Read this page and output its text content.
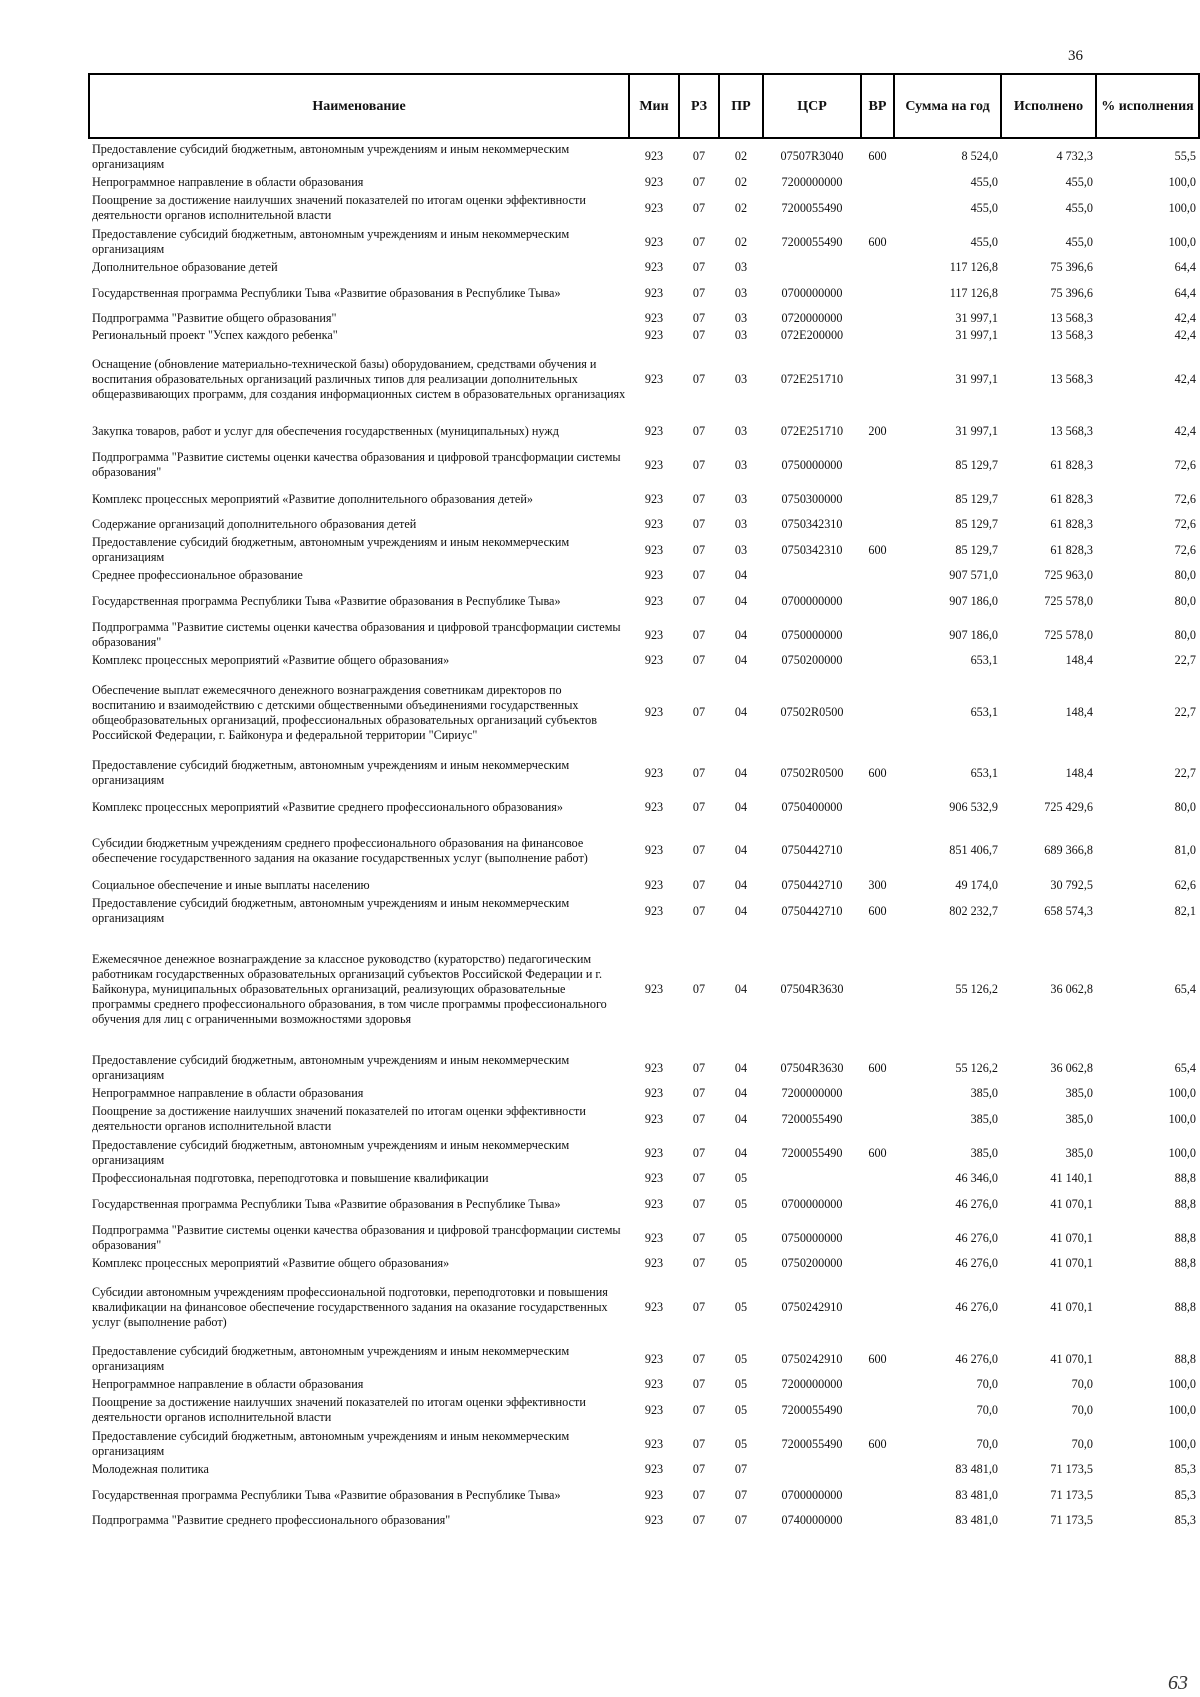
36
Наименование	Мин	РЗ	ПР	ЦСР	ВР	Сумма на год	Исполнено	% исполнения
Предоставление субсидий бюджетным, автономным учреждениям и иным некоммерческим организациям	923	07	02	07507R3040	600	8 524,0	4 732,3	55,5
Непрограммное направление в области образования	923	07	02	7200000000		455,0	455,0	100,0
Поощрение за достижение наилучших значений показателей по итогам оценки эффективности деятельности органов исполнительной власти	923	07	02	7200055490		455,0	455,0	100,0
Предоставление субсидий бюджетным, автономным учреждениям и иным некоммерческим организациям	923	07	02	7200055490	600	455,0	455,0	100,0
Дополнительное образование детей	923	07	03			117 126,8	75 396,6	64,4
Государственная программа Республики Тыва «Развитие образования в Республике Тыва»	923	07	03	0700000000		117 126,8	75 396,6	64,4
Подпрограмма "Развитие общего образования"	923	07	03	0720000000		31 997,1	13 568,3	42,4
Региональный проект "Успех каждого ребенка"	923	07	03	072E200000		31 997,1	13 568,3	42,4
Оснащение (обновление материально-технической базы) оборудованием, средствами обучения и воспитания образовательных организаций различных типов для реализации дополнительных общеразвивающих программ, для создания информационных систем в образовательных организациях	923	07	03	072E251710		31 997,1	13 568,3	42,4
Закупка товаров, работ и услуг для обеспечения государственных (муниципальных) нужд	923	07	03	072E251710	200	31 997,1	13 568,3	42,4
Подпрограмма "Развитие системы оценки качества образования и цифровой трансформации системы образования"	923	07	03	0750000000		85 129,7	61 828,3	72,6
Комплекс процессных мероприятий «Развитие дополнительного образования детей»	923	07	03	0750300000		85 129,7	61 828,3	72,6
Содержание организаций дополнительного образования детей	923	07	03	0750342310		85 129,7	61 828,3	72,6
Предоставление субсидий бюджетным, автономным учреждениям и иным некоммерческим организациям	923	07	03	0750342310	600	85 129,7	61 828,3	72,6
Среднее профессиональное образование	923	07	04			907 571,0	725 963,0	80,0
Государственная программа Республики Тыва «Развитие образования в Республике Тыва»	923	07	04	0700000000		907 186,0	725 578,0	80,0
Подпрограмма "Развитие системы оценки качества образования и цифровой трансформации системы образования"	923	07	04	0750000000		907 186,0	725 578,0	80,0
Комплекс процессных мероприятий «Развитие общего образования»	923	07	04	0750200000		653,1	148,4	22,7
Обеспечение выплат ежемесячного денежного вознаграждения советникам директоров по воспитанию и взаимодействию с детскими общественными объединениями государственных общеобразовательных организаций, профессиональных образовательных организаций субъектов Российской Федерации, г. Байконура и федеральной территории "Сириус"	923	07	04	07502R0500		653,1	148,4	22,7
Предоставление субсидий бюджетным, автономным учреждениям и иным некоммерческим организациям	923	07	04	07502R0500	600	653,1	148,4	22,7
Комплекс процессных мероприятий «Развитие среднего профессионального образования»	923	07	04	0750400000		906 532,9	725 429,6	80,0
Субсидии бюджетным учреждениям среднего профессионального образования на финансовое обеспечение государственного задания на оказание государственных услуг (выполнение работ)	923	07	04	0750442710		851 406,7	689 366,8	81,0
Социальное обеспечение и иные выплаты населению	923	07	04	0750442710	300	49 174,0	30 792,5	62,6
Предоставление субсидий бюджетным, автономным учреждениям и иным некоммерческим организациям	923	07	04	0750442710	600	802 232,7	658 574,3	82,1
Ежемесячное денежное вознаграждение за классное руководство (кураторство) педагогическим работникам государственных образовательных организаций субъектов Российской Федерации и г. Байконура, муниципальных образовательных организаций, реализующих образовательные программы среднего профессионального образования, в том числе программы профессионального обучения для лиц с ограниченными возможностями здоровья	923	07	04	07504R3630		55 126,2	36 062,8	65,4
Предоставление субсидий бюджетным, автономным учреждениям и иным некоммерческим организациям	923	07	04	07504R3630	600	55 126,2	36 062,8	65,4
Непрограммное направление в области образования	923	07	04	7200000000		385,0	385,0	100,0
Поощрение за достижение наилучших значений показателей по итогам оценки эффективности деятельности органов исполнительной власти	923	07	04	7200055490		385,0	385,0	100,0
Предоставление субсидий бюджетным, автономным учреждениям и иным некоммерческим организациям	923	07	04	7200055490	600	385,0	385,0	100,0
Профессиональная подготовка, переподготовка и повышение квалификации	923	07	05			46 346,0	41 140,1	88,8
Государственная программа Республики Тыва «Развитие образования в Республике Тыва»	923	07	05	0700000000		46 276,0	41 070,1	88,8
Подпрограмма "Развитие системы оценки качества образования и цифровой трансформации системы образования"	923	07	05	0750000000		46 276,0	41 070,1	88,8
Комплекс процессных мероприятий «Развитие общего образования»	923	07	05	0750200000		46 276,0	41 070,1	88,8
Субсидии автономным учреждениям профессиональной подготовки, переподготовки и повышения квалификации на финансовое обеспечение государственного задания на оказание государственных услуг (выполнение работ)	923	07	05	0750242910		46 276,0	41 070,1	88,8
Предоставление субсидий бюджетным, автономным учреждениям и иным некоммерческим организациям	923	07	05	0750242910	600	46 276,0	41 070,1	88,8
Непрограммное направление в области образования	923	07	05	7200000000		70,0	70,0	100,0
Поощрение за достижение наилучших значений показателей по итогам оценки эффективности деятельности органов исполнительной власти	923	07	05	7200055490		70,0	70,0	100,0
Предоставление субсидий бюджетным, автономным учреждениям и иным некоммерческим организациям	923	07	05	7200055490	600	70,0	70,0	100,0
Молодежная политика	923	07	07			83 481,0	71 173,5	85,3
Государственная программа Республики Тыва «Развитие образования в Республике Тыва»	923	07	07	0700000000		83 481,0	71 173,5	85,3
Подпрограмма "Развитие среднего профессионального образования"	923	07	07	0740000000		83 481,0	71 173,5	85,3
63
